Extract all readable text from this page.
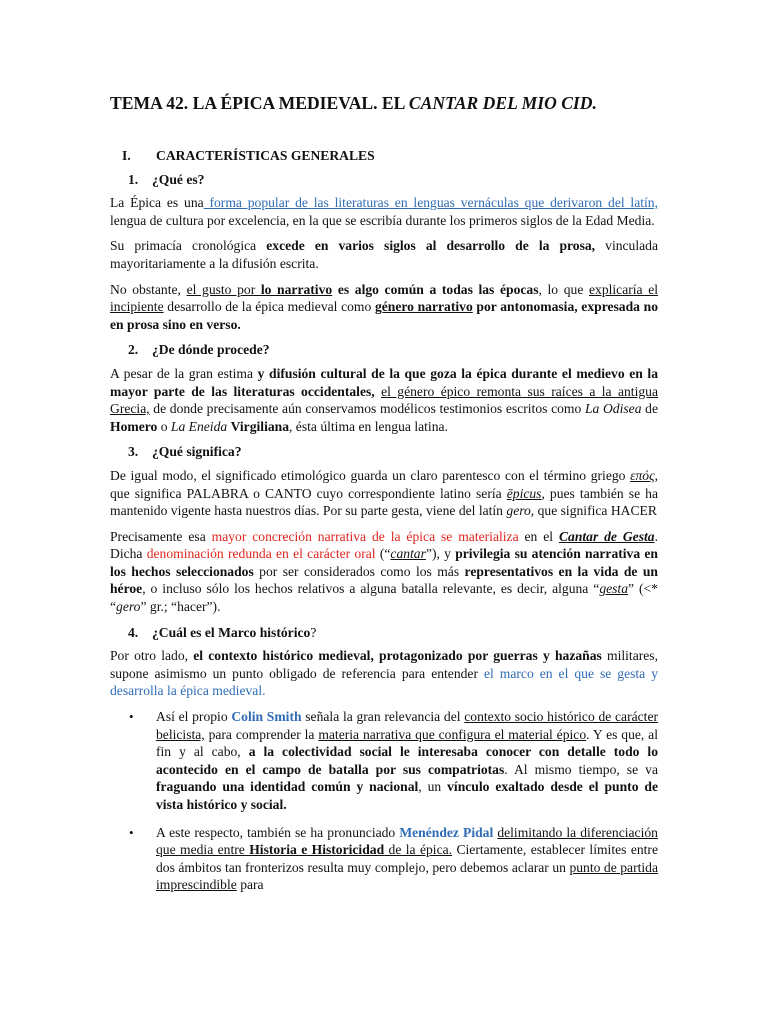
TEMA 42. LA ÉPICA MEDIEVAL. EL CANTAR DEL MIO CID.
I.	CARACTERÍSTICAS GENERALES
1.	¿Qué es?

La Épica es una forma popular de las literaturas en lenguas vernáculas que derivaron del latín, lengua de cultura por excelencia, en la que se escribía durante los primeros siglos de la Edad Media.

Su primacía cronológica excede en varios siglos al desarrollo de la prosa, vinculada mayoritariamente a la difusión escrita.

No obstante, el gusto por lo narrativo es algo común a todas las épocas, lo que explicaría el incipiente desarrollo de la épica medieval como género narrativo por antonomasia, expresada no en prosa sino en verso.

2.	¿De dónde procede?

A pesar de la gran estima y difusión cultural de la que goza la épica durante el medievo en la mayor parte de las literaturas occidentales, el género épico remonta sus raíces a la antigua Grecia, de donde precisamente aún conservamos modélicos testimonios escritos como La Odisea de Homero o La Eneida Virgiliana, ésta última en lengua latina.

3.	¿Qué significa?

De igual modo, el significado etimológico guarda un claro parentesco con el término griego επός, que significa PALABRA o CANTO cuyo correspondiente latino sería ēpicus, pues también se ha mantenido vigente hasta nuestros días. Por su parte gesta, viene del latín gero, que significa HACER

Precisamente esa mayor concreción narrativa de la épica se materializa en el Cantar de Gesta. Dicha denominación redunda en el carácter oral (“cantar”), y privilegia su atención narrativa en los hechos seleccionados por ser considerados como los más representativos en la vida de un héroe, o incluso sólo los hechos relativos a alguna batalla relevante, es decir, alguna “gesta” (<* “gero” gr.; “hacer”).

4.	¿Cuál es el Marco histórico?

Por otro lado, el contexto histórico medieval, protagonizado por guerras y hazañas militares, supone asimismo un punto obligado de referencia para entender el marco en el que se gesta y desarrolla la épica medieval.

• Así el propio Colin Smith señala la gran relevancia del contexto socio histórico de carácter belicista, para comprender la materia narrativa que configura el material épico. Y es que, al fin y al cabo, a la colectividad social le interesaba conocer con detalle todo lo acontecido en el campo de batalla por sus compatriotas. Al mismo tiempo, se va fraguando una identidad común y nacional, un vínculo exaltado desde el punto de vista histórico y social.
• A este respecto, también se ha pronunciado Menéndez Pidal delimitando la diferenciación que media entre Historia e Historicidad de la épica. Ciertamente, establecer límites entre dos ámbitos tan fronterizos resulta muy complejo, pero debemos aclarar un punto de partida imprescindible para
